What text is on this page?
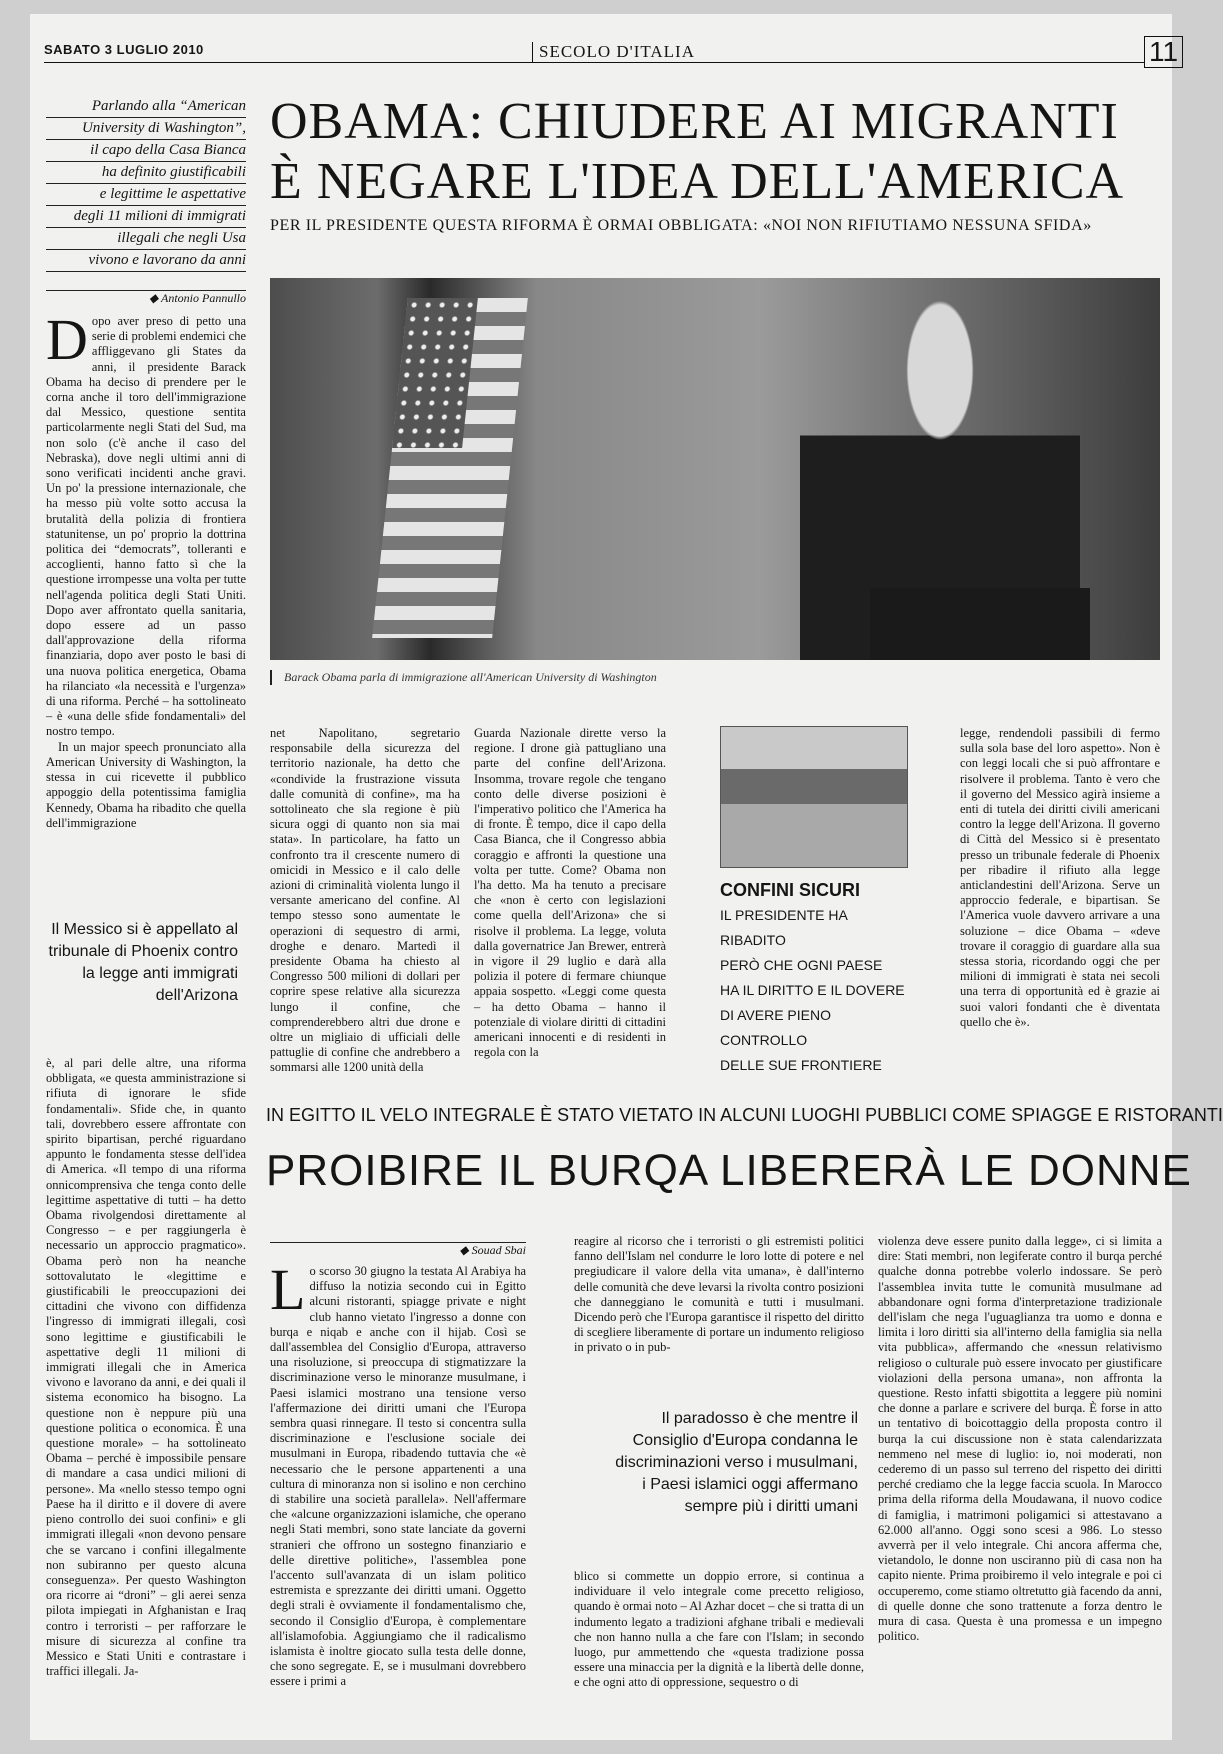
SABATO 3 LUGLIO 2010	SECOLO D'ITALIA	11
Parlando alla “American
University di Washington”,
il capo della Casa Bianca
ha definito giustificabili
e legittime le aspettative
degli 11 milioni di immigrati
illegali che negli Usa
vivono e lavorano da anni

◆ Antonio Pannullo

OBAMA: CHIUDERE AI MIGRANTI
È NEGARE L'IDEA DELL'AMERICA
PER IL PRESIDENTE QUESTA RIFORMA È ORMAI OBBLIGATA: «NOI NON RIFIUTIAMO NESSUNA SFIDA»
Barack Obama parla di immigrazione all'American University di Washington

Dopo aver preso di petto una serie di problemi endemici che affliggevano gli States da anni, il presidente Barack Obama ha deciso di prendere per le corna anche il toro dell'immigrazione dal Messico, questione sentita particolarmente negli Stati del Sud, ma non solo (c'è anche il caso del Nebraska), dove negli ultimi anni di sono verificati incidenti anche gravi. Un po' la pressione internazionale, che ha messo più volte sotto accusa la brutalità della polizia di frontiera statunitense, un po' proprio la dottrina politica dei “democrats”, tolleranti e accoglienti, hanno fatto sì che la questione irrompesse una volta per tutte nell'agenda politica degli Stati Uniti. Dopo aver affrontato quella sanitaria, dopo essere ad un passo dall'approvazione della riforma finanziaria, dopo aver posto le basi di una nuova politica energetica, Obama ha rilanciato «la necessità e l'urgenza» di una riforma. Perché – ha sottolineato – è «una delle sfide fondamentali» del nostro tempo.

In un major speech pronunciato alla American University di Washington, la stessa in cui ricevette il pubblico appoggio della potentissima famiglia Kennedy, Obama ha ribadito che quella dell'immigrazione

Il Messico si è appellato al tribunale di Phoenix contro la legge anti immigrati dell'Arizona

è, al pari delle altre, una riforma obbligata, «e questa amministrazione si rifiuta di ignorare le sfide fondamentali». Sfide che, in quanto tali, dovrebbero essere affrontate con spirito bipartisan, perché riguardano appunto le fondamenta stesse dell'idea di America. «Il tempo di una riforma onnicomprensiva che tenga conto delle legittime aspettative di tutti – ha detto Obama rivolgendosi direttamente al Congresso – e per raggiungerla è necessario un approccio pragmatico». Obama però non ha neanche sottovalutato le «legittime e giustificabili le preoccupazioni dei cittadini che vivono con diffidenza l'ingresso di immigrati illegali, così sono legittime e giustificabili le aspettative degli 11 milioni di immigrati illegali che in America vivono e lavorano da anni, e dei quali il sistema economico ha bisogno. La questione non è neppure più una questione politica o economica. È una questione morale» – ha sottolineato Obama – perché è impossibile pensare di mandare a casa undici milioni di persone». Ma «nello stesso tempo ogni Paese ha il diritto e il dovere di avere pieno controllo dei suoi confini» e gli immigrati illegali «non devono pensare che se varcano i confini illegalmente non subiranno per questo alcuna conseguenza». Per questo Washington ora ricorre ai “droni” – gli aerei senza pilota impiegati in Afghanistan e Iraq contro i terroristi – per rafforzare le misure di sicurezza al confine tra Messico e Stati Uniti e contrastare i traffici illegali. Ja-

net Napolitano, segretario responsabile della sicurezza del territorio nazionale, ha detto che «condivide la frustrazione vissuta dalle comunità di confine», ma ha sottolineato che sla regione è più sicura oggi di quanto non sia mai stata». In particolare, ha fatto un confronto tra il crescente numero di omicidi in Messico e il calo delle azioni di criminalità violenta lungo il versante americano del confine. Al tempo stesso sono aumentate le operazioni di sequestro di armi, droghe e denaro. Martedì il presidente Obama ha chiesto al Congresso 500 milioni di dollari per coprire spese relative alla sicurezza lungo il confine, che comprenderebbero altri due drone e oltre un migliaio di ufficiali delle pattuglie di confine che andrebbero a sommarsi alle 1200 unità della

Guarda Nazionale dirette verso la regione. I drone già pattugliano una parte del confine dell'Arizona. Insomma, trovare regole che tengano conto delle diverse posizioni è l'imperativo politico che l'America ha di fronte. È tempo, dice il capo della Casa Bianca, che il Congresso abbia coraggio e affronti la questione una volta per tutte. Come? Obama non l'ha detto. Ma ha tenuto a precisare che «non è certo con legislazioni come quella dell'Arizona» che si risolve il problema. La legge, voluta dalla governatrice Jan Brewer, entrerà in vigore il 29 luglio e darà alla polizia il potere di fermare chiunque appaia sospetto. «Leggi come questa – ha detto Obama – hanno il potenziale di violare diritti di cittadini americani innocenti e di residenti in regola con la

CONFINI SICURI
IL PRESIDENTE HA RIBADITO
PERÒ CHE OGNI PAESE
HA IL DIRITTO E IL DOVERE
DI AVERE PIENO CONTROLLO
DELLE SUE FRONTIERE

legge, rendendoli passibili di fermo sulla sola base del loro aspetto». Non è con leggi locali che si può affrontare e risolvere il problema. Tanto è vero che il governo del Messico agirà insieme a enti di tutela dei diritti civili americani contro la legge dell'Arizona. Il governo di Città del Messico si è presentato presso un tribunale federale di Phoenix per ribadire il rifiuto alla legge anticlandestini dell'Arizona. Serve un approccio federale, e bipartisan. Se l'America vuole davvero arrivare a una soluzione – dice Obama – «deve trovare il coraggio di guardare alla sua stessa storia, ricordando oggi che per milioni di immigrati è stata nei secoli una terra di opportunità ed è grazie ai suoi valori fondanti che è diventata quello che è».

IN EGITTO IL VELO INTEGRALE È STATO VIETATO IN ALCUNI LUOGHI PUBBLICI COME SPIAGGE E RISTORANTI
PROIBIRE IL BURQA LIBERERÀ LE DONNE
◆ Souad Sbai

Lo scorso 30 giugno la testata Al Arabiya ha diffuso la notizia secondo cui in Egitto alcuni ristoranti, spiagge private e night club hanno vietato l'ingresso a donne con burqa e niqab e anche con il hijab. Così se dall'assemblea del Consiglio d'Europa, attraverso una risoluzione, si preoccupa di stigmatizzare la discriminazione verso le minoranze musulmane, i Paesi islamici mostrano una tensione verso l'affermazione dei diritti umani che l'Europa sembra quasi rinnegare. Il testo si concentra sulla discriminazione e l'esclusione sociale dei musulmani in Europa, ribadendo tuttavia che «è necessario che le persone appartenenti a una cultura di minoranza non si isolino e non cerchino di stabilire una società parallela». Nell'affermare che «alcune organizzazioni islamiche, che operano negli Stati membri, sono state lanciate da governi stranieri che offrono un sostegno finanziario e delle direttive politiche», l'assemblea pone l'accento sull'avanzata di un islam politico estremista e sprezzante dei diritti umani. Oggetto degli strali è ovviamente il fondamentalismo che, secondo il Consiglio d'Europa, è complementare all'islamofobia. Aggiungiamo che il radicalismo islamista è inoltre giocato sulla testa delle donne, che sono segregate. E, se i musulmani dovrebbero essere i primi a

reagire al ricorso che i terroristi o gli estremisti politici fanno dell'Islam nel condurre le loro lotte di potere e nel pregiudicare il valore della vita umana», è dall'interno delle comunità che deve levarsi la rivolta contro posizioni che danneggiano le comunità e tutti i musulmani. Dicendo però che l'Europa garantisce il rispetto del diritto di scegliere liberamente di portare un indumento religioso in privato o in pub-

Il paradosso è che mentre il Consiglio d'Europa condanna le discriminazioni verso i musulmani, i Paesi islamici oggi affermano sempre più i diritti umani

blico si commette un doppio errore, si continua a individuare il velo integrale come precetto religioso, quando è ormai noto – Al Azhar docet – che si tratta di un indumento legato a tradizioni afghane tribali e medievali che non hanno nulla a che fare con l'Islam; in secondo luogo, pur ammettendo che «questa tradizione possa essere una minaccia per la dignità e la libertà delle donne, e che ogni atto di oppressione, sequestro o di

violenza deve essere punito dalla legge», ci si limita a dire: Stati membri, non legiferate contro il burqa perché qualche donna potrebbe volerlo indossare. Se però l'assemblea invita tutte le comunità musulmane ad abbandonare ogni forma d'interpretazione tradizionale dell'islam che nega l'uguaglianza tra uomo e donna e limita i loro diritti sia all'interno della famiglia sia nella vita pubblica», affermando che «nessun relativismo religioso o culturale può essere invocato per giustificare violazioni della persona umana», non affronta la questione. Resto infatti sbigottita a leggere più nomini che donne a parlare e scrivere del burqa. È forse in atto un tentativo di boicottaggio della proposta contro il burqa la cui discussione non è stata calendarizzata nemmeno nel mese di luglio: io, noi moderati, non cederemo di un passo sul terreno del rispetto dei diritti perché crediamo che la legge faccia scuola. In Marocco prima della riforma della Moudawana, il nuovo codice di famiglia, i matrimoni poligamici si attestavano a 62.000 all'anno. Oggi sono scesi a 986. Lo stesso avverrà per il velo integrale. Chi ancora afferma che, vietandolo, le donne non usciranno più di casa non ha capito niente. Prima proibiremo il velo integrale e poi ci occuperemo, come stiamo oltretutto già facendo da anni, di quelle donne che sono trattenute a forza dentro le mura di casa. Questa è una promessa e un impegno politico.
